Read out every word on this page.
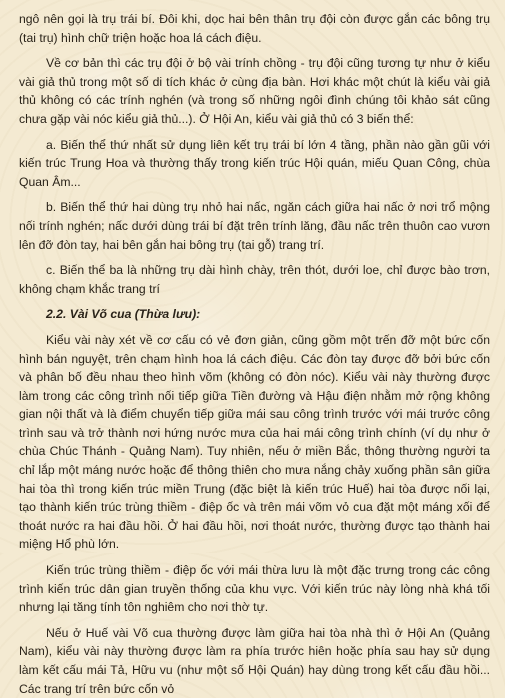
ngô nên gọi là trụ trái bí. Đôi khi, dọc hai bên thân trụ đội còn được gắn các bông trụ (tai trụ) hình chữ triện hoặc hoa lá cách điệu.

Về cơ bản thì các trụ đội ở bộ vài trính chồng - trụ đội cũng tương tự như ở kiểu vài giả thủ trong một số di tích khác ở cùng địa bàn. Hơi khác một chút là kiểu vài giả thủ không có các trính nghén (và trong số những ngôi đình chúng tôi khảo sát cũng chưa gặp vài nóc kiểu giả thủ...). Ở Hội An, kiểu vài giả thủ có 3 biến thể:

a. Biến thể thứ nhất sử dụng liên kết trụ trái bí lớn 4 tầng, phần nào gần gũi với kiến trúc Trung Hoa và thường thấy trong kiến trúc Hội quán, miếu Quan Công, chùa Quan Âm...

b. Biến thể thứ hai dùng trụ nhỏ hai nấc, ngăn cách giữa hai nấc ở nơi trổ mộng nối trính nghén; nấc dưới dùng trái bí đặt trên trính lăng, đầu nấc trên thuôn cao vươn lên đỡ đòn tay, hai bên gắn hai bông trụ (tai gỗ) trang trí.

c. Biến thể ba là những trụ dài hình chày, trên thót, dưới loe, chỉ được bào trơn, không chạm khắc trang trí

2.2. Vài Võ cua (Thừa lưu):

Kiểu vài này xét về cơ cấu có vẻ đơn giản, cũng gồm một trến đỡ một bức cốn hình bán nguyệt, trên chạm hình hoa lá cách điệu. Các đòn tay được đỡ bởi bức cốn và phân bố đều nhau theo hình võm (không có đòn nóc). Kiểu vài này thường được làm trong các công trình nối tiếp giữa Tiền đường và Hậu điện nhằm mở rộng không gian nội thất và là điểm chuyển tiếp giữa mái sau công trình trước với mái trước công trình sau và trở thành nơi hứng nước mưa của hai mái công trình chính (ví dụ như ở chùa Chúc Thánh - Quảng Nam). Tuy nhiên, nếu ở miền Bắc, thông thường người ta chỉ lắp một máng nước hoặc để thông thiên cho mưa nắng chảy xuống phần sân giữa hai tòa thì trong kiến trúc miền Trung (đặc biệt là kiến trúc Huế) hai tòa được nối lại, tạo thành kiến trúc trùng thiềm - điệp ốc và trên mái võm vỏ cua đặt một máng xối để thoát nước ra hai đầu hồi. Ở hai đầu hồi, nơi thoát nước, thường được tạo thành hai miệng Hổ phù lớn.

Kiến trúc trùng thiềm - điệp ốc với mái thừa lưu là một đặc trưng trong các công trình kiến trúc dân gian truyền thống của khu vực. Với kiến trúc này lòng nhà khá tối nhưng lại tăng tính tôn nghiêm cho nơi thờ tự.

Nếu ở Huế vài Võ cua thường được làm giữa hai tòa nhà thì ở Hội An (Quảng Nam), kiểu vài này thường được làm ra phía trước hiên hoặc phía sau hay sử dụng làm kết cấu mái Tả, Hữu vu (như một số Hội Quán) hay dùng trong kết cấu đầu hồi... Các trang trí trên bức cốn vỏ
